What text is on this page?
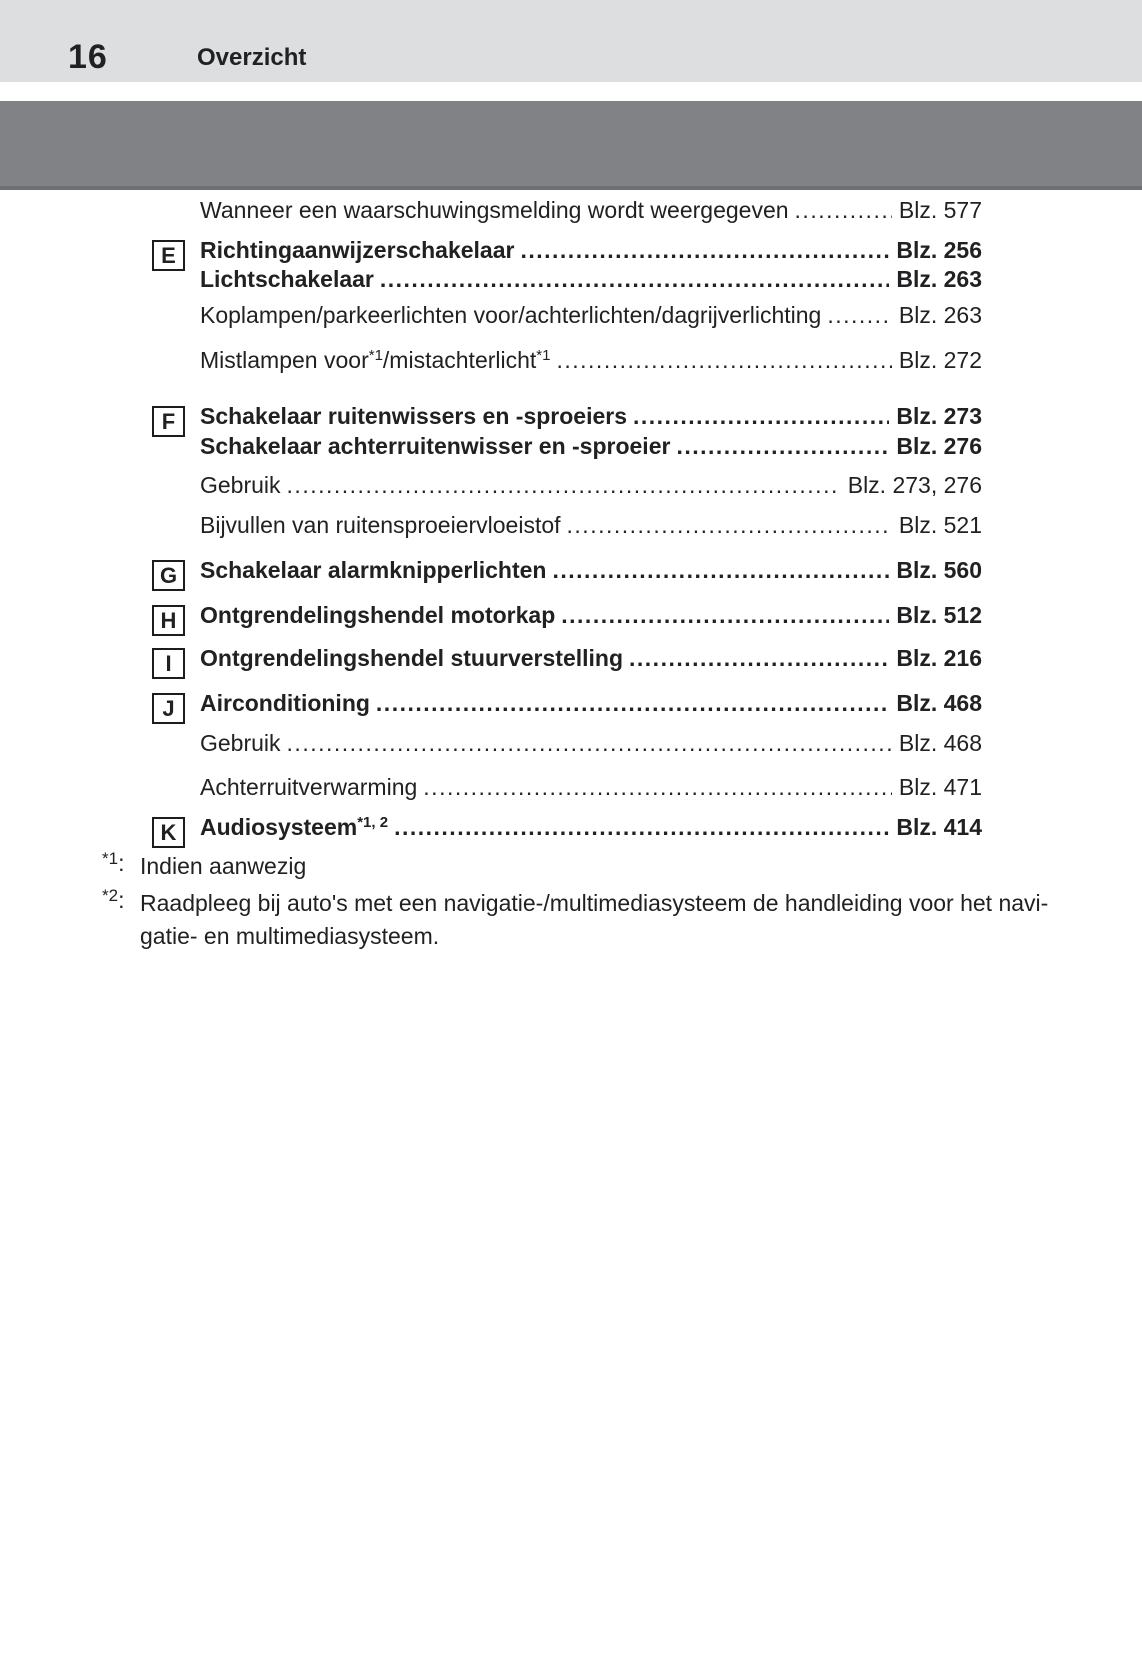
16	Overzicht
Wanneer een waarschuwingsmelding wordt weergegeven .....	Blz. 577
E	Richtingaanwijzerschakelaar .....	Blz. 256
Lichtschakelaar .....	Blz. 263
Koplampen/parkeerlichten voor/achterlichten/dagrijverlichting .....	Blz. 263
Mistlampen voor$^{*1}$/mistachterlicht$^{*1}$ .....	Blz. 272
F	Schakelaar ruitenwissers en -sproeiers .....	Blz. 273
Schakelaar achterruitenwisser en -sproeier .....	Blz. 276
Gebruik .....	Blz. 273, 276
Bijvullen van ruitensproeiervloeistof .....	Blz. 521
G Schakelaar alarmknipperlichten .....	Blz. 560
H	Ontgrendelingshendel motorkap .....	Blz. 512
I	Ontgrendelingshendel stuurverstelling .....	Blz. 216
J	Airconditioning .....	Blz. 468
Gebruik .....	Blz. 468
Achterruitverwarming .....	Blz. 471
K	Audiosysteem$^{*1, 2}$ .....	Blz. 414
$^{*1}$: Indien aanwezig
$^{*2}$: Raadpleeg bij auto's met een navigatie-/multimediasysteem de handleiding voor het navi-
gatie- en multimediasysteem.
